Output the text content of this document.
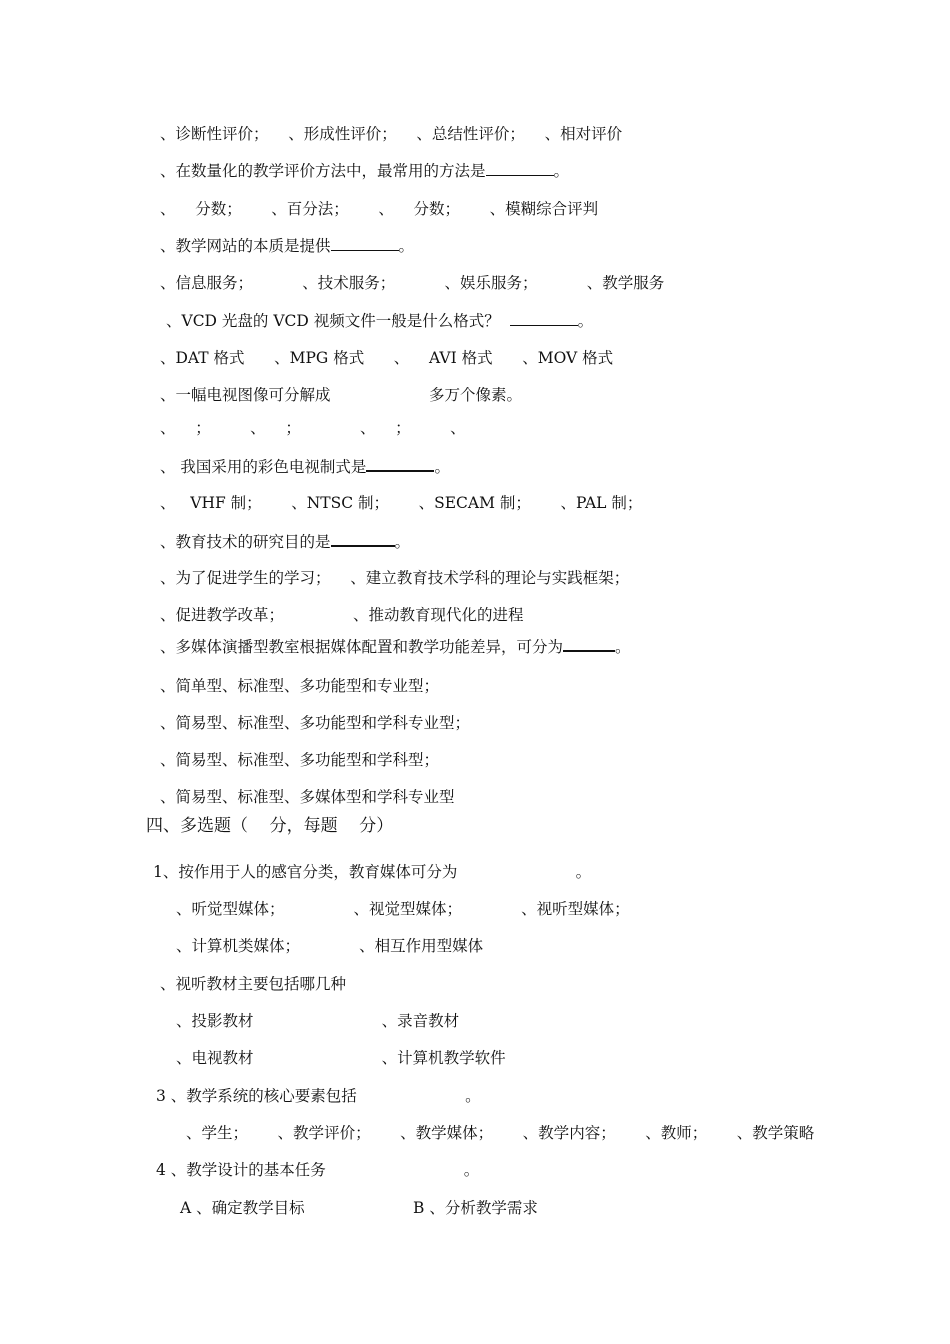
、诊断性评价；    、形成性评价；    、总结性评价；    、相对评价
、在数量化的教学评价方法中，最常用的方法是	。
、    分数；      、百分法；      、    分数；      、模糊综合评判
、教学网站的本质是提供	。
、信息服务；          、技术服务；          、娱乐服务；          、教学服务
、VCD 光盘的 VCD 视频文件一般是什么格式？	。
、DAT 格式      、MPG 格式      、    AVI 格式      、MOV 格式
、一幅电视图像可分解成                    多万个像素。
、    ；        、    ；            、    ；        、
、 我国采用的彩色电视制式是	。
、   VHF 制；      、NTSC 制；      、SECAM 制；      、PAL 制；
、教育技术的研究目的是	。
、为了促进学生的学习；    、建立教育技术学科的理论与实践框架；
、促进教学改革；              、推动教育现代化的进程
、多媒体演播型教室根据媒体配置和教学功能差异，可分为	。
、简单型、标准型、多功能型和专业型；
、简易型、标准型、多功能型和学科专业型；
、简易型、标准型、多功能型和学科型；
、简易型、标准型、多媒体型和学科专业型
四、多选题（    分，每题    分）
1、按作用于人的感官分类，教育媒体可分为                        。
、听觉型媒体；              、视觉型媒体；            、视听型媒体；
、计算机类媒体；            、相互作用型媒体
、视听教材主要包括哪几种
、投影教材                          、录音教材
、电视教材                          、计算机教学软件
3 、教学系统的核心要素包括                      。
、学生；      、教学评价；      、教学媒体；      、教学内容；      、教师；      、教学策略
4 、教学设计的基本任务                            。
A 、确定教学目标                      B 、分析教学需求
